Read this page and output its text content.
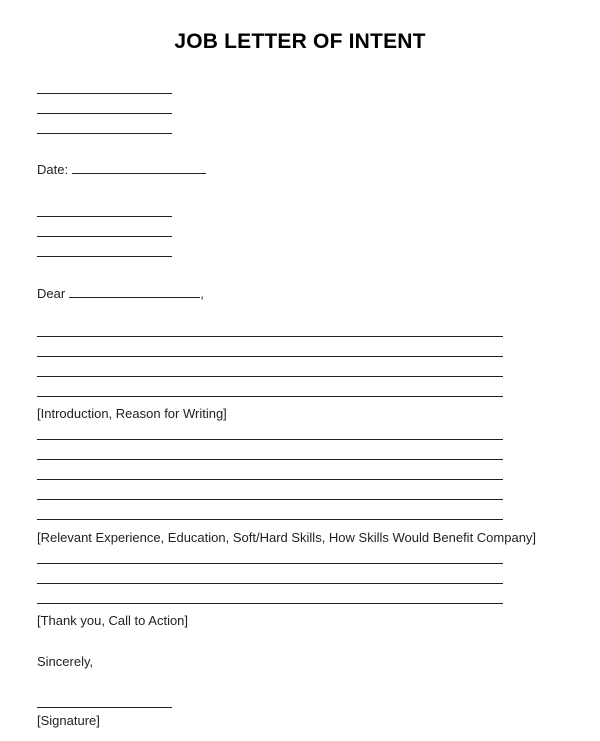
JOB LETTER OF INTENT
Date:
Dear	,
[Introduction, Reason for Writing]
[Relevant Experience, Education, Soft/Hard Skills, How Skills Would Benefit Company]
[Thank you, Call to Action]
Sincerely,
[Signature]
